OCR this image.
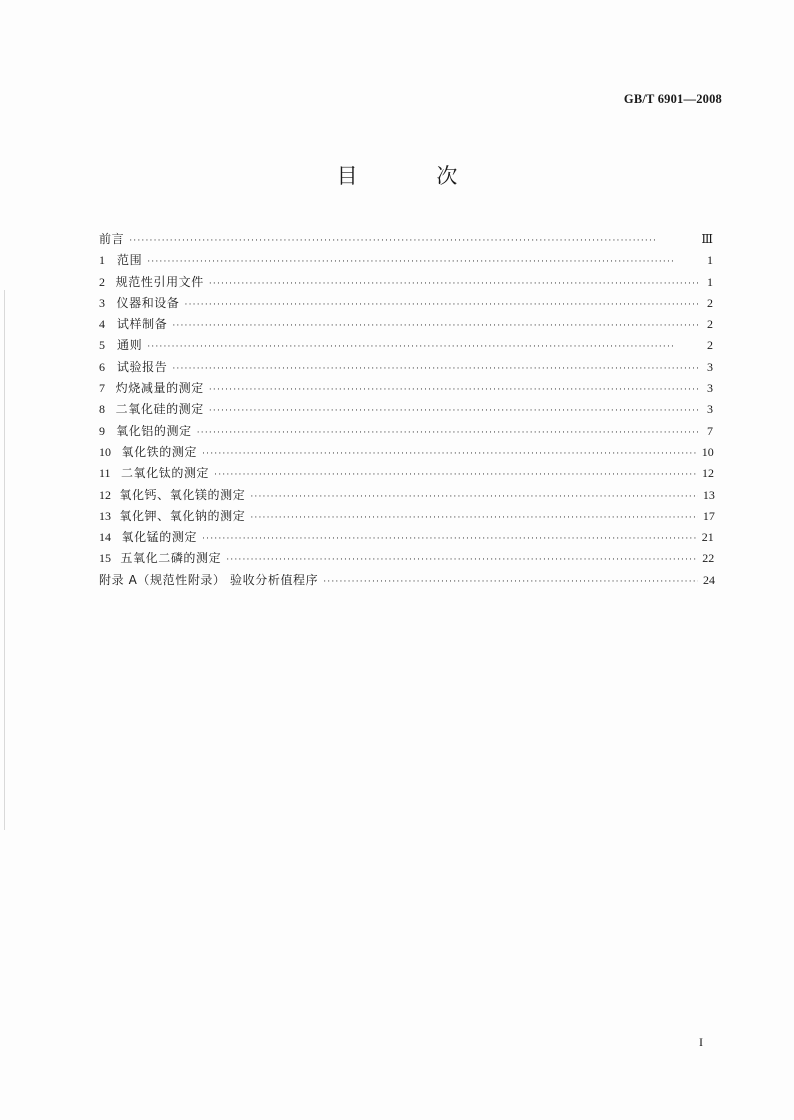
GB/T 6901—2008
目 次
前言 ·····	Ⅲ
1	范围 ·····	1
2 规范性引用文件 ·····	1
3 仪器和设备 ·····	2
4 试样制备 ·····	2
5	通则 ·····	2
6 试验报告 ·····	3
7 灼烧减量的测定 ·····	3
8 二氧化硅的测定 ·····	3
9 氧化铝的测定 ·····	7
10 氧化铁的测定 ·····	10
11 二氧化钛的测定 ·····	12
12 氧化钙、氧化镁的测定 ·····	13
13 氧化钾、氧化钠的测定 ·····	17
14 氧化锰的测定 ·····	21
15 五氧化二磷的测定 ·····	22
附录 A（规范性附录） 验收分析值程序 ·····	24
I
